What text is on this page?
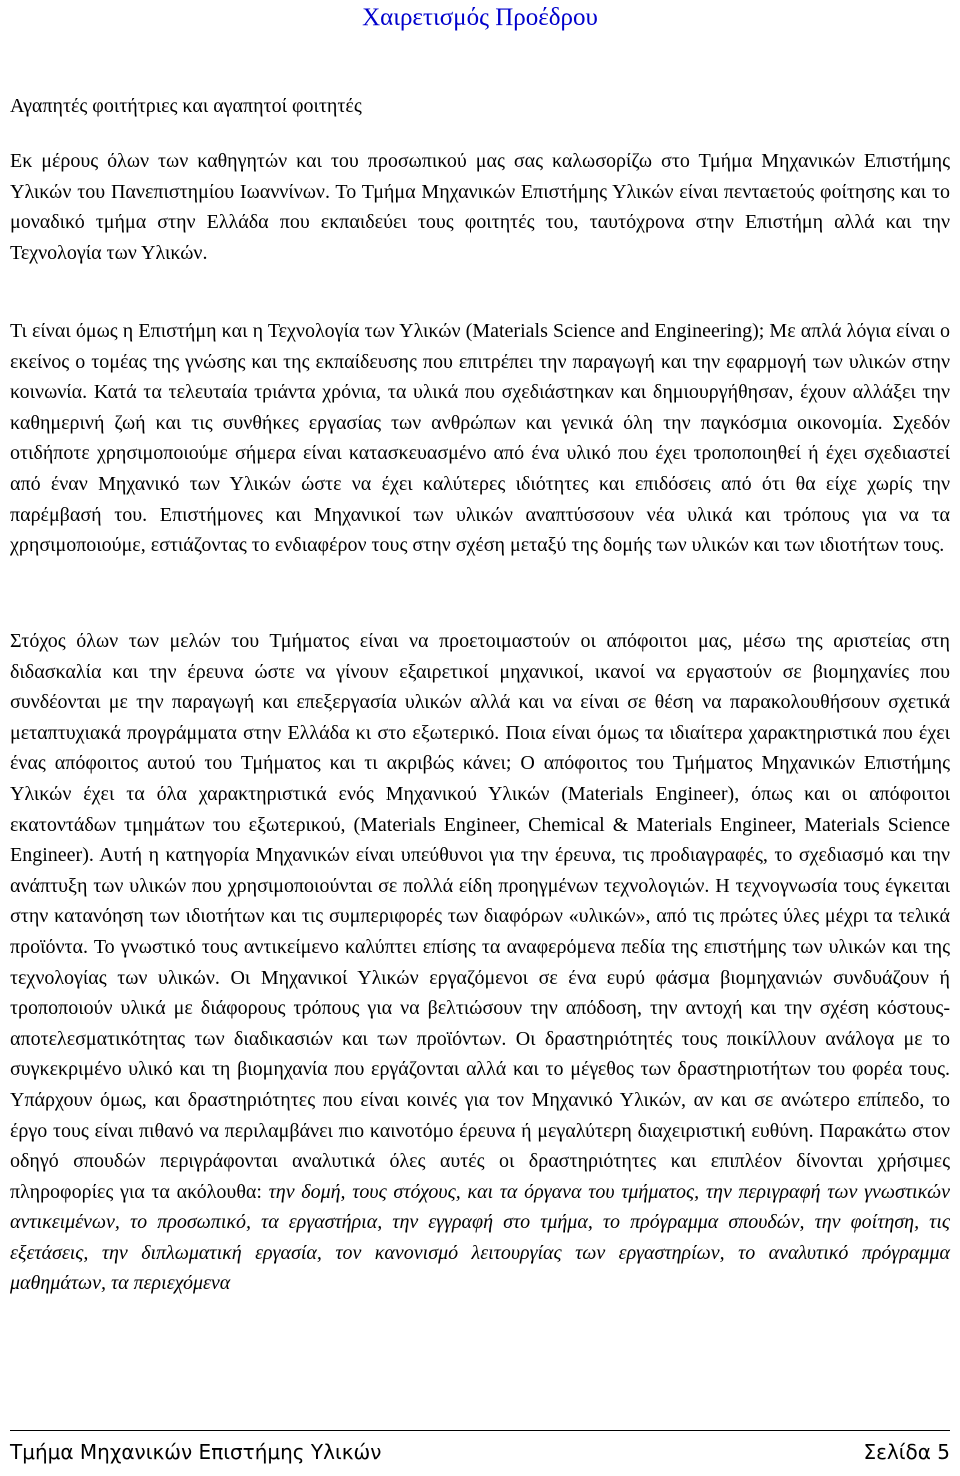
Χαιρετισμός Προέδρου

Αγαπητές φοιτήτριες και αγαπητοί φοιτητές

Εκ μέρους όλων των καθηγητών και του προσωπικού μας σας καλωσορίζω στο Τμήμα Μηχανικών Επιστήμης Υλικών του Πανεπιστημίου Ιωαννίνων. Το Τμήμα Μηχανικών Επιστήμης Υλικών είναι πενταετούς φοίτησης και το μοναδικό τμήμα στην Ελλάδα που εκπαιδεύει τους φοιτητές του, ταυτόχρονα στην Επιστήμη αλλά και την Τεχνολογία των Υλικών.

Τι είναι όμως η Επιστήμη και η Τεχνολογία των Υλικών (Materials Science and Engineering); Με απλά λόγια είναι ο εκείνος ο τομέας της γνώσης και της εκπαίδευσης που επιτρέπει την παραγωγή και την εφαρμογή των υλικών στην κοινωνία. Κατά τα τελευταία τριάντα χρόνια, τα υλικά που σχεδιάστηκαν και δημιουργήθησαν, έχουν αλλάξει την καθημερινή ζωή και τις συνθήκες εργασίας των ανθρώπων και γενικά όλη την παγκόσμια οικονομία. Σχεδόν οτιδήποτε χρησιμοποιούμε σήμερα είναι κατασκευασμένο από ένα υλικό που έχει τροποποιηθεί ή έχει σχεδιαστεί από έναν Μηχανικό των Υλικών ώστε να έχει καλύτερες ιδιότητες και επιδόσεις από ότι θα είχε χωρίς την παρέμβασή του. Επιστήμονες και Μηχανικοί των υλικών αναπτύσσουν νέα υλικά και τρόπους για να τα χρησιμοποιούμε, εστιάζοντας το ενδιαφέρον τους στην σχέση μεταξύ της δομής των υλικών και των ιδιοτήτων τους.

Στόχος όλων των μελών του Τμήματος είναι να προετοιμαστούν οι απόφοιτοι μας, μέσω της αριστείας στη διδασκαλία και την έρευνα ώστε να γίνουν εξαιρετικοί μηχανικοί, ικανοί να εργαστούν σε βιομηχανίες που συνδέονται με την παραγωγή και επεξεργασία υλικών αλλά και να είναι σε θέση να παρακολουθήσουν σχετικά μεταπτυχιακά προγράμματα στην Ελλάδα κι στο εξωτερικό. Ποια είναι όμως τα ιδιαίτερα χαρακτηριστικά που έχει ένας απόφοιτος αυτού του Τμήματος και τι ακριβώς κάνει; Ο απόφοιτος του Τμήματος Μηχανικών Επιστήμης Υλικών έχει τα όλα χαρακτηριστικά ενός Μηχανικού Υλικών (Materials Engineer), όπως και οι απόφοιτοι εκατοντάδων τμημάτων του εξωτερικού, (Materials Engineer, Chemical & Materials Engineer, Materials Science Engineer). Αυτή η κατηγορία Μηχανικών είναι υπεύθυνοι για την έρευνα, τις προδιαγραφές, το σχεδιασμό και την ανάπτυξη των υλικών που χρησιμοποιούνται σε πολλά είδη προηγμένων τεχνολογιών. Η τεχνογνωσία τους έγκειται στην κατανόηση των ιδιοτήτων και τις συμπεριφορές των διαφόρων «υλικών», από τις πρώτες ύλες μέχρι τα τελικά προϊόντα. Το γνωστικό τους αντικείμενο καλύπτει επίσης τα αναφερόμενα πεδία της επιστήμης των υλικών και της τεχνολογίας των υλικών. Οι Μηχανικοί Υλικών εργαζόμενοι σε ένα ευρύ φάσμα βιομηχανιών συνδυάζουν ή τροποποιούν υλικά με διάφορους τρόπους για να βελτιώσουν την απόδοση, την αντοχή και την σχέση κόστους-αποτελεσματικότητας των διαδικασιών και των προϊόντων. Οι δραστηριότητές τους ποικίλλουν ανάλογα με το συγκεκριμένο υλικό και τη βιομηχανία που εργάζονται αλλά και το μέγεθος των δραστηριοτήτων του φορέα τους. Υπάρχουν όμως, και δραστηριότητες που είναι κοινές για τον Μηχανικό Υλικών, αν και σε ανώτερο επίπεδο, το έργο τους είναι πιθανό να περιλαμβάνει πιο καινοτόμο έρευνα ή μεγαλύτερη διαχειριστική ευθύνη. Παρακάτω στον οδηγό σπουδών περιγράφονται αναλυτικά όλες αυτές οι δραστηριότητες και επιπλέον δίνονται χρήσιμες πληροφορίες για τα ακόλουθα: την δομή, τους στόχους, και τα όργανα του τμήματος, την περιγραφή των γνωστικών αντικειμένων, το προσωπικό, τα εργαστήρια, την εγγραφή στο τμήμα, το πρόγραμμα σπουδών, την φοίτηση, τις εξετάσεις, την διπλωματική εργασία, τον κανονισμό λειτουργίας των εργαστηρίων, το αναλυτικό πρόγραμμα μαθημάτων, τα περιεχόμενα

Τμήμα Μηχανικών Επιστήμης Υλικών	Σελίδα 5
